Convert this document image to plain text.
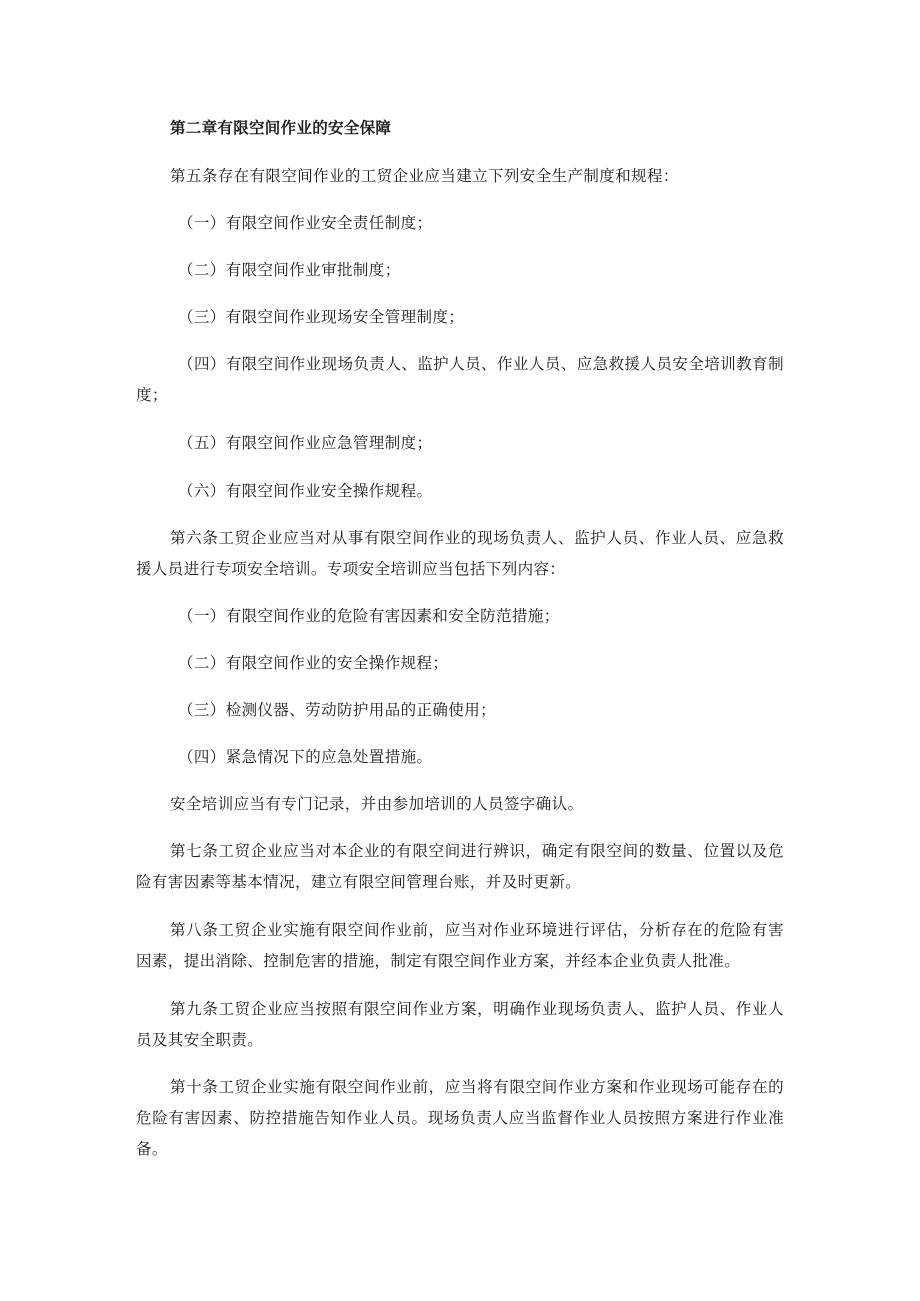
第二章有限空间作业的安全保障

第五条存在有限空间作业的工贸企业应当建立下列安全生产制度和规程：

（一）有限空间作业安全责任制度；

（二）有限空间作业审批制度；

（三）有限空间作业现场安全管理制度；

（四）有限空间作业现场负责人、监护人员、作业人员、应急救援人员安全培训教育制度；

（五）有限空间作业应急管理制度；

（六）有限空间作业安全操作规程。

第六条工贸企业应当对从事有限空间作业的现场负责人、监护人员、作业人员、应急救援人员进行专项安全培训。专项安全培训应当包括下列内容：

（一）有限空间作业的危险有害因素和安全防范措施；

（二）有限空间作业的安全操作规程；

（三）检测仪器、劳动防护用品的正确使用；

（四）紧急情况下的应急处置措施。

安全培训应当有专门记录，并由参加培训的人员签字确认。

第七条工贸企业应当对本企业的有限空间进行辨识，确定有限空间的数量、位置以及危险有害因素等基本情况，建立有限空间管理台账，并及时更新。

第八条工贸企业实施有限空间作业前，应当对作业环境进行评估，分析存在的危险有害因素，提出消除、控制危害的措施，制定有限空间作业方案，并经本企业负责人批准。

第九条工贸企业应当按照有限空间作业方案，明确作业现场负责人、监护人员、作业人员及其安全职责。

第十条工贸企业实施有限空间作业前，应当将有限空间作业方案和作业现场可能存在的危险有害因素、防控措施告知作业人员。现场负责人应当监督作业人员按照方案进行作业准备。
